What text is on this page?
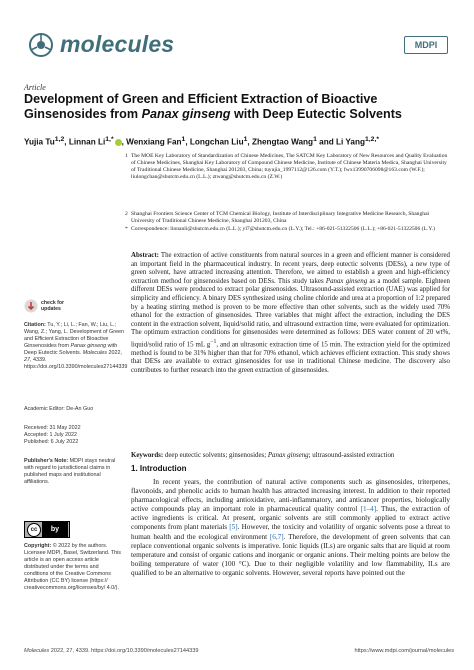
molecules	MDPI
Article
Development of Green and Efficient Extraction of Bioactive
Ginsenosides from Panax ginseng with Deep Eutectic Solvents
Yujia Tu$^{1,2}$, Linnan $Li^{1,*}$ , Wenxiang Fan$^1$, Longchan Liu$^1$, Zhengtao Wang$^1$ and Li Yang$^{1,2,*}$
1 The MOE Key Laboratory of Standardization of Chinese Medicines, The SATCM Key Laboratory of New Resources and Quality Evaluation of Chinese Medicines, Shanghai Key Laboratory of Compound Chinese Medicine, Institute of Chinese Materia Medica, Shanghai University of Traditional Chinese Medicine, Shanghai 201203, China; tuyujia_1997112@126.com (Y.T.); fwx13990706098@163.com (W.F.); liulongchan@shutcm.edu.cn (L.L.); ztwang@shutcm.edu.cn (Z.W.)
2 Shanghai Frontiers Science Center of TCM Chemical Biology, Institute of Interdisciplinary Integrative Medicine Research, Shanghai University of Traditional Chinese Medicine, Shanghai 201203, China
* Correspondence: linnanli@shutcm.edu.cn (L.L.); yl7@shutcm.edu.cn (L.Y.); Tel.: +86-021-51322506 (L.L.); +86-021-51322506 (L.Y.)
check for updates
Citation: Tu, Y.; Li, L.; Fan, W.; Liu, L.; Wang, Z.; Yang, L. Development of Green and Efficient Extraction of Bioactive Ginsenosides from Panax ginseng with Deep Eutectic Solvents. Molecules 2022, 27, 4339. https://doi.org/10.3390/molecules27144339
Academic Editor: De-An Guo
Received: 31 May 2022
Accepted: 1 July 2022
Published: 6 July 2022
Publisher's Note: MDPI stays neutral with regard to jurisdictional claims in published maps and institutional affiliations.
cc	by
Copyright: © 2022 by the authors. Licensee MDPI, Basel, Switzerland. This article is an open access article distributed under the terms and conditions of the Creative Commons Attribution (CC BY) license (https:// creativecommons.org/licenses/by/ 4.0/).
Abstract: The extraction of active constituents from natural sources in a green and efficient manner is considered an important field in the pharmaceutical industry. In recent years, deep eutectic solvents (DESs), a new type of green solvent, have attracted increasing attention. Therefore, we aimed to establish a green and high-efficiency extraction method for ginsenosides based on DESs. This study takes Panax ginseng as a model sample. Eighteen different DESs were produced to extract polar ginsenosides. Ultrasound-assisted extraction (UAE) was applied for simplicity and efficiency. A binary DES synthesized using choline chloride and urea at a proportion of 1:2 prepared by a heating stirring method is proven to be more effective than other solvents, such as the widely used 70% ethanol for the extraction of ginsenosides. Three variables that might affect the extraction, including the DES content in the extraction solvent, liquid/solid ratio, and ultrasound extraction time, were evaluated for optimization. The optimum extraction conditions for ginsenosides were determined as follows: DES water content of 20 wt%, liquid/solid ratio of 15 mL $g^{-1}$, and an ultrasonic extraction time of 15 min. The extraction yield for the optimized method is found to be 31% higher than that for 70% ethanol, which achieves efficient extraction. This study shows that DESs are available to extract ginsenosides for use in traditional Chinese medicine. The discovery also contributes to further research into the green extraction of ginsenosides.
Keywords: deep eutectic solvents; ginsenosides; Panax ginseng; ultrasound-assisted extraction
1. Introduction
In recent years, the contribution of natural active components such as ginsenosides, triterpenes, flavonoids, and phenolic acids to human health has attracted increasing interest. In addition to their reported pharmacological effects, including antioxidative, anti-inflammatory, and anticancer properties, biologically active compounds play an important role in pharmaceutical quality control [1–4]. Thus, the extraction of active ingredients is critical. At present, organic solvents are still commonly applied to extract active components from plant materials [5]. However, the toxicity and volatility of organic solvents pose a threat to human health and the ecological environment [6,7]. Therefore, the development of green solvents that can replace conventional organic solvents is imperative. Ionic liquids (ILs) are organic salts that are liquid at room temperature and consist of organic cations and inorganic or organic anions. Their melting points are below the boiling temperature of water (100 °C). Due to their negligible volatility and low flammability, ILs are qualified to be an alternative to organic solvents. However, several reports have pointed out the
Molecules 2022, 27, 4339. https://doi.org/10.3390/molecules27144339	https://www.mdpi.com/journal/molecules
